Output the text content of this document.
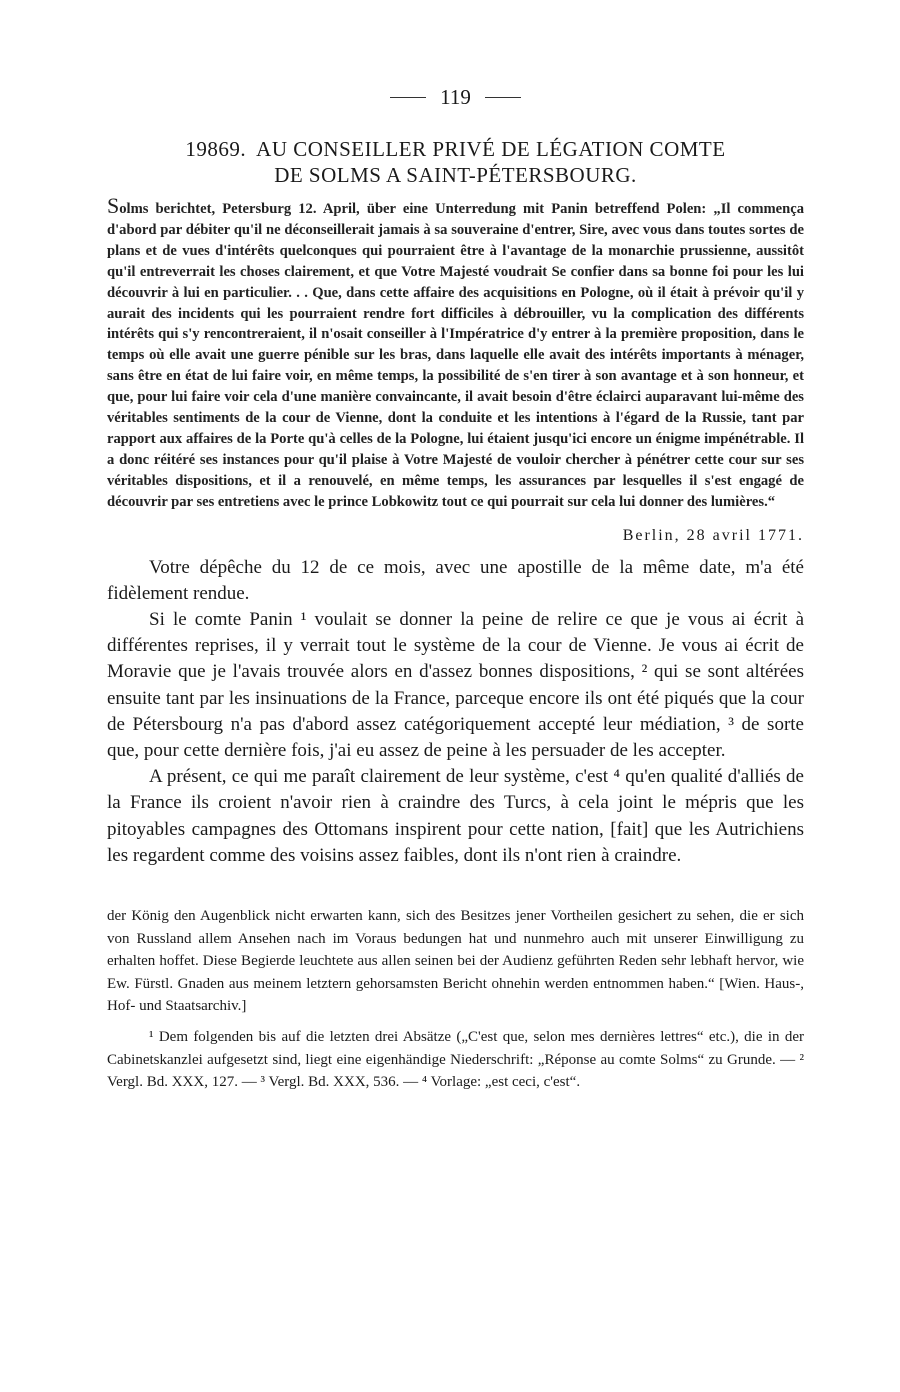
119
19869. AU CONSEILLER PRIVÉ DE LÉGATION COMTE
DE SOLMS A SAINT-PÉTERSBOURG.

Solms berichtet, Petersburg 12. April, über eine Unterredung mit Panin betreffend Polen: „Il commença d'abord par débiter qu'il ne déconseillerait jamais à sa souveraine d'entrer, Sire, avec vous dans toutes sortes de plans et de vues d'intérêts quelconques qui pourraient être à l'avantage de la monarchie prussienne, aussitôt qu'il entreverrait les choses clairement, et que Votre Majesté voudrait Se confier dans sa bonne foi pour les lui découvrir à lui en particulier. . . Que, dans cette affaire des acquisitions en Pologne, où il était à prévoir qu'il y aurait des incidents qui les pourraient rendre fort difficiles à débrouiller, vu la complication des différents intérêts qui s'y rencontreraient, il n'osait conseiller à l'Impératrice d'y entrer à la première proposition, dans le temps où elle avait une guerre pénible sur les bras, dans laquelle elle avait des intérêts importants à ménager, sans être en état de lui faire voir, en même temps, la possibilité de s'en tirer à son avantage et à son honneur, et que, pour lui faire voir cela d'une manière convaincante, il avait besoin d'être éclairci auparavant lui-même des véritables sentiments de la cour de Vienne, dont la conduite et les intentions à l'égard de la Russie, tant par rapport aux affaires de la Porte qu'à celles de la Pologne, lui étaient jusqu'ici encore un énigme impénétrable. Il a donc réitéré ses instances pour qu'il plaise à Votre Majesté de vouloir chercher à pénétrer cette cour sur ses véritables dispositions, et il a renouvelé, en même temps, les assurances par lesquelles il s'est engagé de découvrir par ses entretiens avec le prince Lobkowitz tout ce qui pourrait sur cela lui donner des lumières.“

Berlin, 28 avril 1771.

Votre dépêche du 12 de ce mois, avec une apostille de la même date, m'a été fidèlement rendue.

Si le comte Panin ¹ voulait se donner la peine de relire ce que je vous ai écrit à différentes reprises, il y verrait tout le système de la cour de Vienne. Je vous ai écrit de Moravie que je l'avais trouvée alors en d'assez bonnes dispositions, ² qui se sont altérées ensuite tant par les insinuations de la France, parceque encore ils ont été piqués que la cour de Pétersbourg n'a pas d'abord assez catégoriquement accepté leur médiation, ³ de sorte que, pour cette dernière fois, j'ai eu assez de peine à les persuader de les accepter.

A présent, ce qui me paraît clairement de leur système, c'est ⁴ qu'en qualité d'alliés de la France ils croient n'avoir rien à craindre des Turcs, à cela joint le mépris que les pitoyables campagnes des Ottomans inspirent pour cette nation, [fait] que les Autrichiens les regardent comme des voisins assez faibles, dont ils n'ont rien à craindre.

der König den Augenblick nicht erwarten kann, sich des Besitzes jener Vortheilen gesichert zu sehen, die er sich von Russland allem Ansehen nach im Voraus bedungen hat und nunmehro auch mit unserer Einwilligung zu erhalten hoffet. Diese Begierde leuchtete aus allen seinen bei der Audienz geführten Reden sehr lebhaft hervor, wie Ew. Fürstl. Gnaden aus meinem letztern gehorsamsten Bericht ohnehin werden entnommen haben.“ [Wien. Haus-, Hof- und Staatsarchiv.]

¹ Dem folgenden bis auf die letzten drei Absätze („C'est que, selon mes dernières lettres“ etc.), die in der Cabinetskanzlei aufgesetzt sind, liegt eine eigenhändige Niederschrift: „Réponse au comte Solms“ zu Grunde. — ² Vergl. Bd. XXX, 127. — ³ Vergl. Bd. XXX, 536. — ⁴ Vorlage: „est ceci, c'est“.
